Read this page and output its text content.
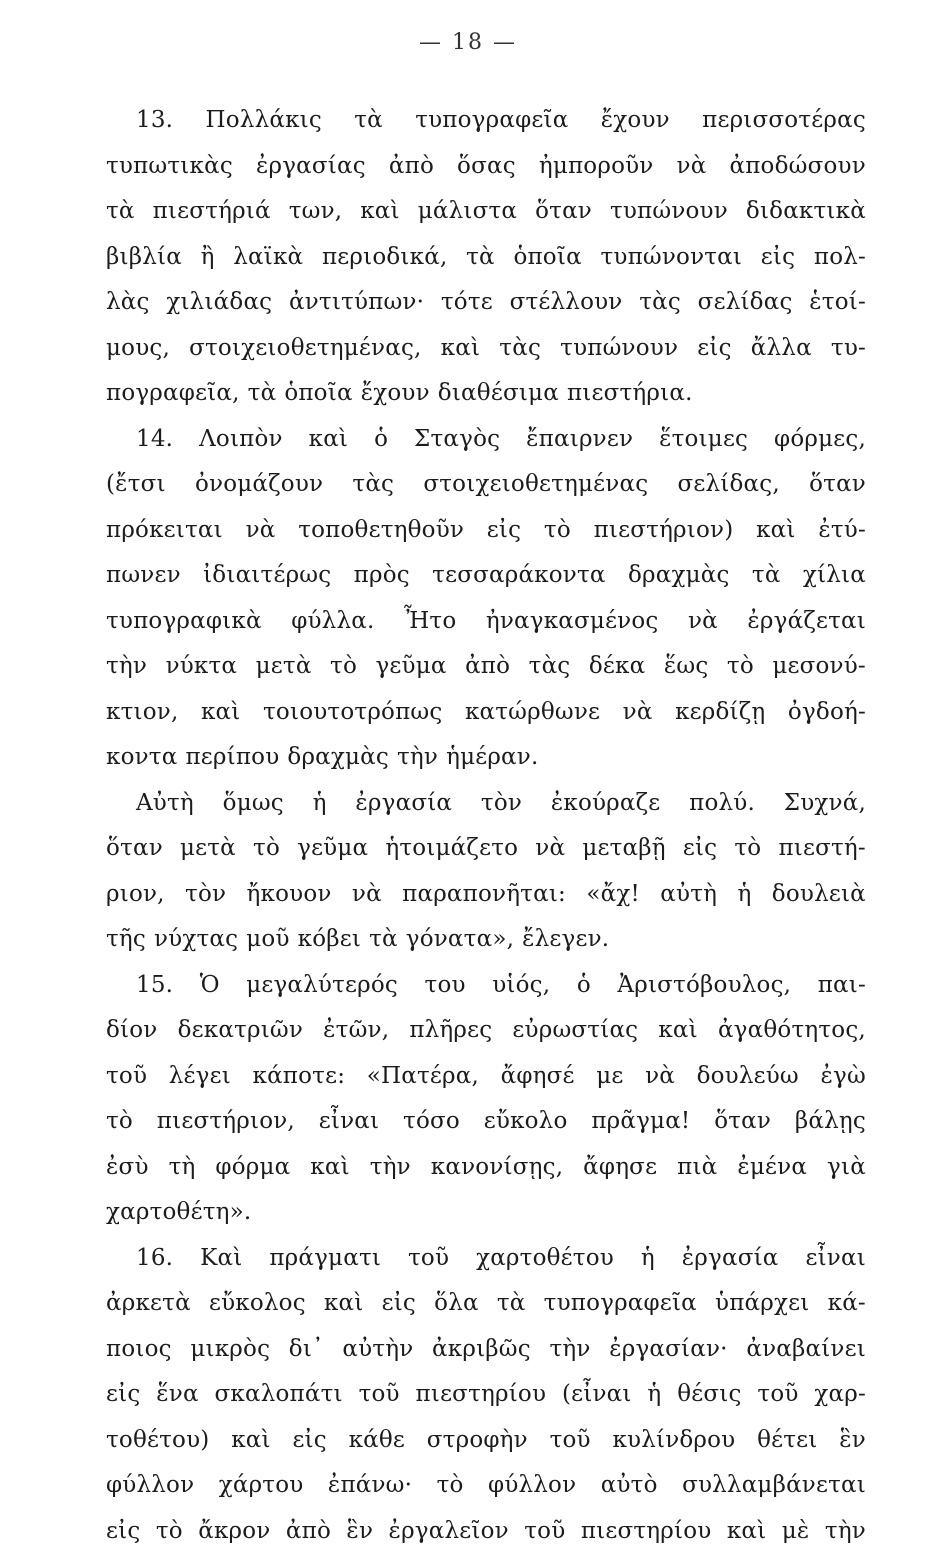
— 18 —
13. Πολλάκις τὰ τυπογραφεῖα ἔχουν περισσοτέρας
τυπωτικὰς ἐργασίας ἀπὸ ὅσας ἠμποροῦν νὰ ἀποδώσουν
τὰ πιεστήριά των, καὶ μάλιστα ὅταν τυπώνουν διδακτικὰ
βιβλία ἢ λαϊκὰ περιοδικά, τὰ ὁποῖα τυπώνονται εἰς πολ-
λὰς χιλιάδας ἀντιτύπων· τότε στέλλουν τὰς σελίδας ἑτοί-
μους, στοιχειοθετημένας, καὶ τὰς τυπώνουν εἰς ἄλλα τυ-
πογραφεῖα, τὰ ὁποῖα ἔχουν διαθέσιμα πιεστήρια.
14. Λοιπὸν καὶ ὁ Σταγὸς ἔπαιρνεν ἕτοιμες φόρμες,
(ἔτσι ὀνομάζουν τὰς στοιχειοθετημένας σελίδας, ὅταν
πρόκειται νὰ τοποθετηθοῦν εἰς τὸ πιεστήριον) καὶ ἐτύ-
πωνεν ἰδιαιτέρως πρὸς τεσσαράκοντα δραχμὰς τὰ χίλια
τυπογραφικὰ φύλλα. Ἦτο ἠναγκασμένος νὰ ἐργάζεται
τὴν νύκτα μετὰ τὸ γεῦμα ἀπὸ τὰς δέκα ἕως τὸ μεσονύ-
κτιον, καὶ τοιουτοτρόπως κατώρθωνε νὰ κερδίζῃ ὀγδοή-
κοντα περίπου δραχμὰς τὴν ἡμέραν.
Αὐτὴ ὅμως ἡ ἐργασία τὸν ἐκούραζε πολύ. Συχνά,
ὅταν μετὰ τὸ γεῦμα ἡτοιμάζετο νὰ μεταβῇ εἰς τὸ πιεστή-
ριον, τὸν ἤκουον νὰ παραπονῆται: «ἄχ! αὐτὴ ἡ δουλειὰ
τῆς νύχτας μοῦ κόβει τὰ γόνατα», ἔλεγεν.
15. Ὁ μεγαλύτερός του υἱός, ὁ Ἀριστόβουλος, παι-
δίον δεκατριῶν ἐτῶν, πλῆρες εὐρωστίας καὶ ἀγαθότητος,
τοῦ λέγει κάποτε: «Πατέρα, ἄφησέ με νὰ δουλεύω ἐγὼ
τὸ πιεστήριον, εἶναι τόσο εὔκολο πρᾶγμα! ὅταν βάλῃς
ἐσὺ τὴ φόρμα καὶ τὴν κανονίσῃς, ἄφησε πιὰ ἐμένα γιὰ
χαρτοθέτη».
16. Καὶ πράγματι τοῦ χαρτοθέτου ἡ ἐργασία εἶναι
ἀρκετὰ εὔκολος καὶ εἰς ὅλα τὰ τυπογραφεῖα ὑπάρχει κά-
ποιος μικρὸς δι᾽ αὐτὴν ἀκριβῶς τὴν ἐργασίαν· ἀναβαίνει
εἰς ἕνα σκαλοπάτι τοῦ πιεστηρίου (εἶναι ἡ θέσις τοῦ χαρ-
τοθέτου) καὶ εἰς κάθε στροφὴν τοῦ κυλίνδρου θέτει ἓν
φύλλον χάρτου ἐπάνω· τὸ φύλλον αὐτὸ συλλαμβάνεται
εἰς τὸ ἄκρον ἀπὸ ἓν ἐργαλεῖον τοῦ πιεστηρίου καὶ μὲ τὴν
